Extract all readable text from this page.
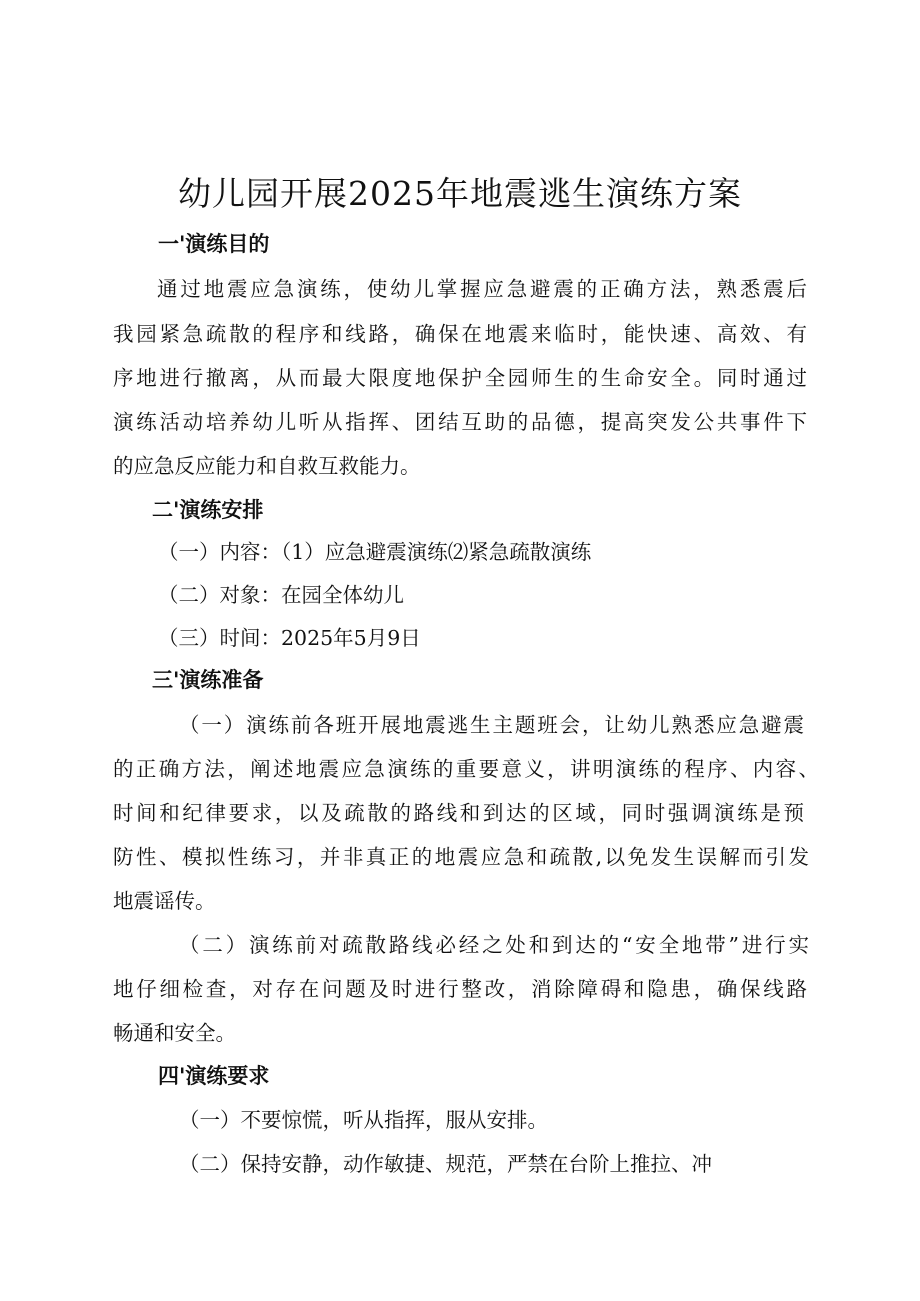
幼儿园开展2025年地震逃生演练方案
一'演练目的
通过地震应急演练，使幼儿掌握应急避震的正确方法，熟悉震后
我园紧急疏散的程序和线路，确保在地震来临时，能快速、高效、有
序地进行撤离，从而最大限度地保护全园师生的生命安全。同时通过
演练活动培养幼儿听从指挥、团结互助的品德，提高突发公共事件下
的应急反应能力和自救互救能力。
二'演练安排
（一）内容：（1）应急避震演练⑵紧急疏散演练
（二）对象：在园全体幼儿
（三）时间：2025年5月9日
三'演练准备
（一）演练前各班开展地震逃生主题班会，让幼儿熟悉应急避震
的正确方法，阐述地震应急演练的重要意义，讲明演练的程序、内容、
时间和纪律要求，以及疏散的路线和到达的区域，同时强调演练是预
防性、模拟性练习，并非真正的地震应急和疏散,以免发生误解而引发
地震谣传。
（二）演练前对疏散路线必经之处和到达的“安全地带”进行实
地仔细检查，对存在问题及时进行整改，消除障碍和隐患，确保线路
畅通和安全。
四'演练要求
（一）不要惊慌，听从指挥，服从安排。
（二）保持安静，动作敏捷、规范，严禁在台阶上推拉、冲
